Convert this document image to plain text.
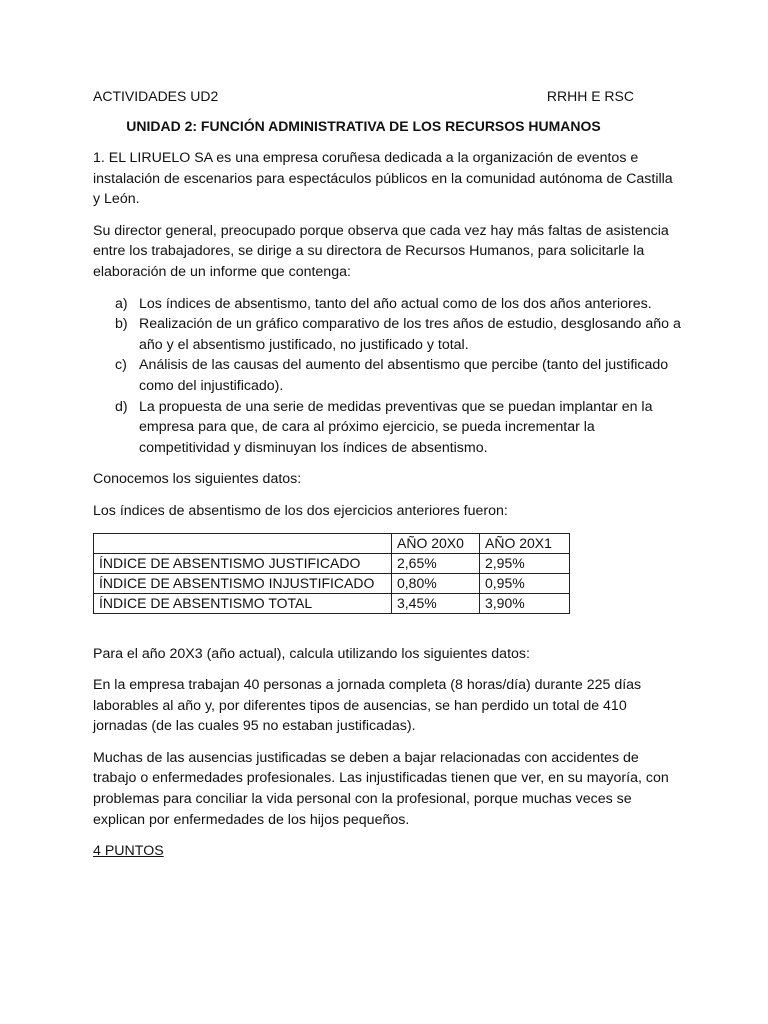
ACTIVIDADES UD2	RRHH E RSC
UNIDAD 2: FUNCIÓN ADMINISTRATIVA DE LOS RECURSOS HUMANOS

1. EL LIRUELO SA es una empresa coruñesa dedicada a la organización de eventos e instalación de escenarios para espectáculos públicos en la comunidad autónoma de Castilla y León.

Su director general, preocupado porque observa que cada vez hay más faltas de asistencia entre los trabajadores, se dirige a su directora de Recursos Humanos, para solicitarle la elaboración de un informe que contenga:

a) Los índices de absentismo, tanto del año actual como de los dos años anteriores.
b) Realización de un gráfico comparativo de los tres años de estudio, desglosando año a año y el absentismo justificado, no justificado y total.
c) Análisis de las causas del aumento del absentismo que percibe (tanto del justificado como del injustificado).
d) La propuesta de una serie de medidas preventivas que se puedan implantar en la empresa para que, de cara al próximo ejercicio, se pueda incrementar la competitividad y disminuyan los índices de absentismo.

Conocemos los siguientes datos:

Los índices de absentismo de los dos ejercicios anteriores fueron:

	AÑO 20X0	AÑO 20X1
ÍNDICE DE ABSENTISMO JUSTIFICADO	2,65%	2,95%
ÍNDICE DE ABSENTISMO INJUSTIFICADO	0,80%	0,95%
ÍNDICE DE ABSENTISMO TOTAL	3,45%	3,90%

Para el año 20X3 (año actual), calcula utilizando los siguientes datos:

En la empresa trabajan 40 personas a jornada completa (8 horas/día) durante 225 días laborables al año y, por diferentes tipos de ausencias, se han perdido un total de 410 jornadas (de las cuales 95 no estaban justificadas).

Muchas de las ausencias justificadas se deben a bajar relacionadas con accidentes de trabajo o enfermedades profesionales. Las injustificadas tienen que ver, en su mayoría, con problemas para conciliar la vida personal con la profesional, porque muchas veces se explican por enfermedades de los hijos pequeños.

4 PUNTOS
